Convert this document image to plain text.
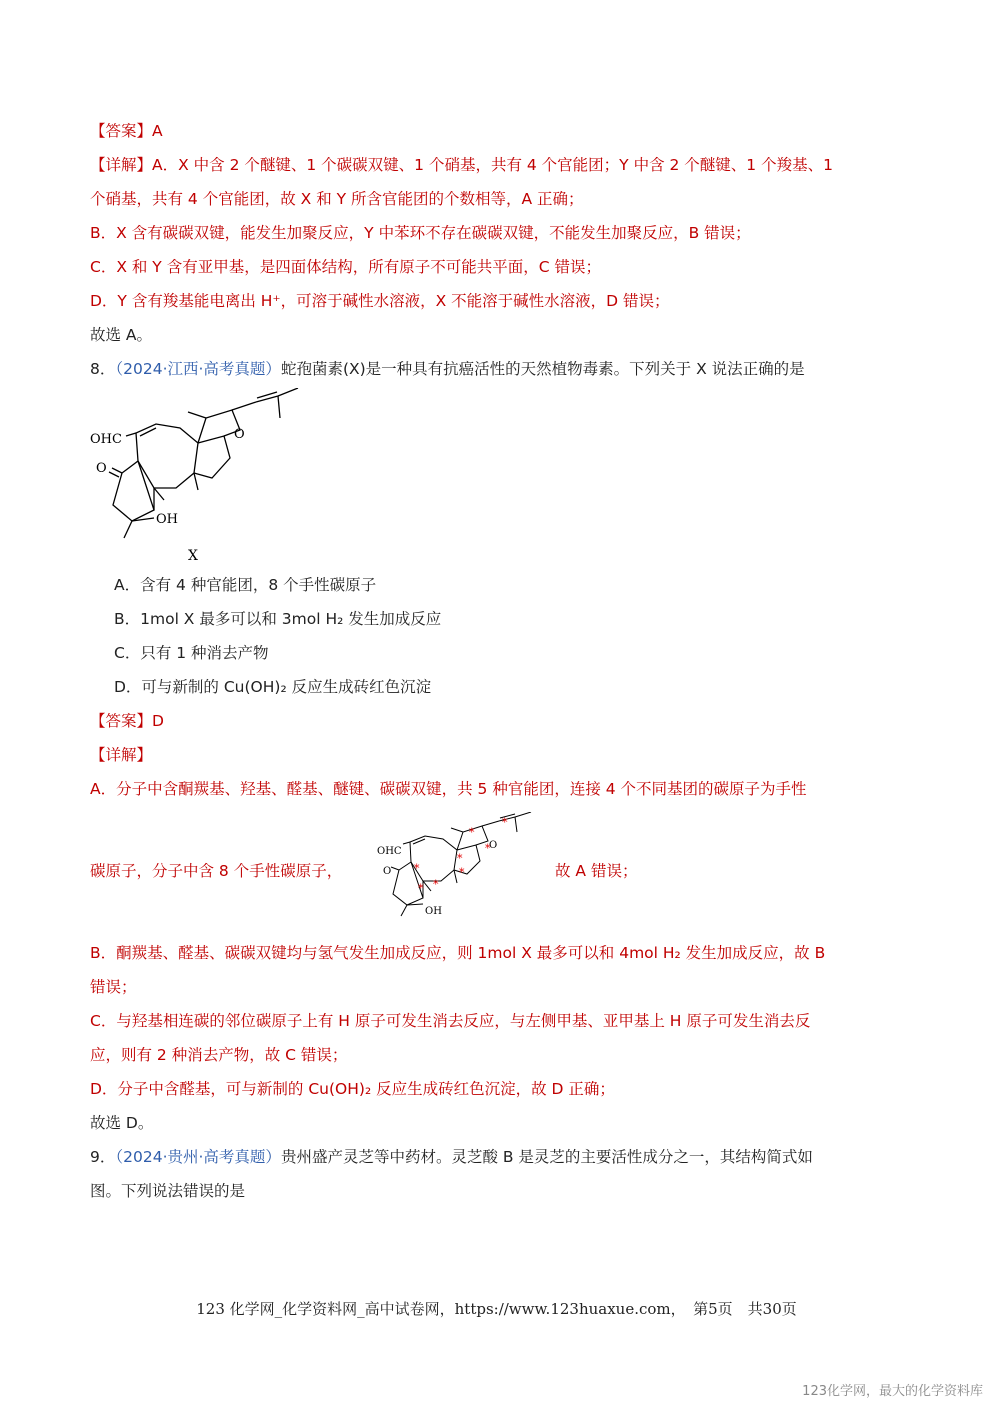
【答案】A
【详解】A．X 中含 2 个醚键、1 个碳碳双键、1 个硝基，共有 4 个官能团；Y 中含 2 个醚键、1 个羧基、1
个硝基，共有 4 个官能团，故 X 和 Y 所含官能团的个数相等，A 正确；
B．X 含有碳碳双键，能发生加聚反应，Y 中苯环不存在碳碳双键，不能发生加聚反应，B 错误；
C．X 和 Y 含有亚甲基，是四面体结构，所有原子不可能共平面，C 错误；
D．Y 含有羧基能电离出 H⁺，可溶于碱性水溶液，X 不能溶于碱性水溶液，D 错误；
故选 A。
8．（2024·江西·高考真题）蛇孢菌素(X)是一种具有抗癌活性的天然植物毒素。下列关于 X 说法正确的是
OHC
O
O
OH
X
A．含有 4 种官能团，8 个手性碳原子
B．1mol X 最多可以和 3mol H₂ 发生加成反应
C．只有 1 种消去产物
D．可与新制的 Cu(OH)₂ 反应生成砖红色沉淀
【答案】D
【详解】
A．分子中含酮羰基、羟基、醛基、醚键、碳碳双键，共 5 种官能团，连接 4 个不同基团的碳原子为手性
碳原子，分子中含 8 个手性碳原子，
OHC
O
O
OH
*
*
*
*
*
*
*
*
故 A 错误；
B．酮羰基、醛基、碳碳双键均与氢气发生加成反应，则 1mol X 最多可以和 4mol H₂ 发生加成反应，故 B
错误；
C．与羟基相连碳的邻位碳原子上有 H 原子可发生消去反应，与左侧甲基、亚甲基上 H 原子可发生消去反
应，则有 2 种消去产物，故 C 错误；
D．分子中含醛基，可与新制的 Cu(OH)₂ 反应生成砖红色沉淀，故 D 正确；
故选 D。
9．（2024·贵州·高考真题）贵州盛产灵芝等中药材。灵芝酸 B 是灵芝的主要活性成分之一，其结构简式如
图。下列说法错误的是
123 化学网_化学资料网_高中试卷网，https://www.123huaxue.com，　第5页　共30页
123化学网，最大的化学资料库
